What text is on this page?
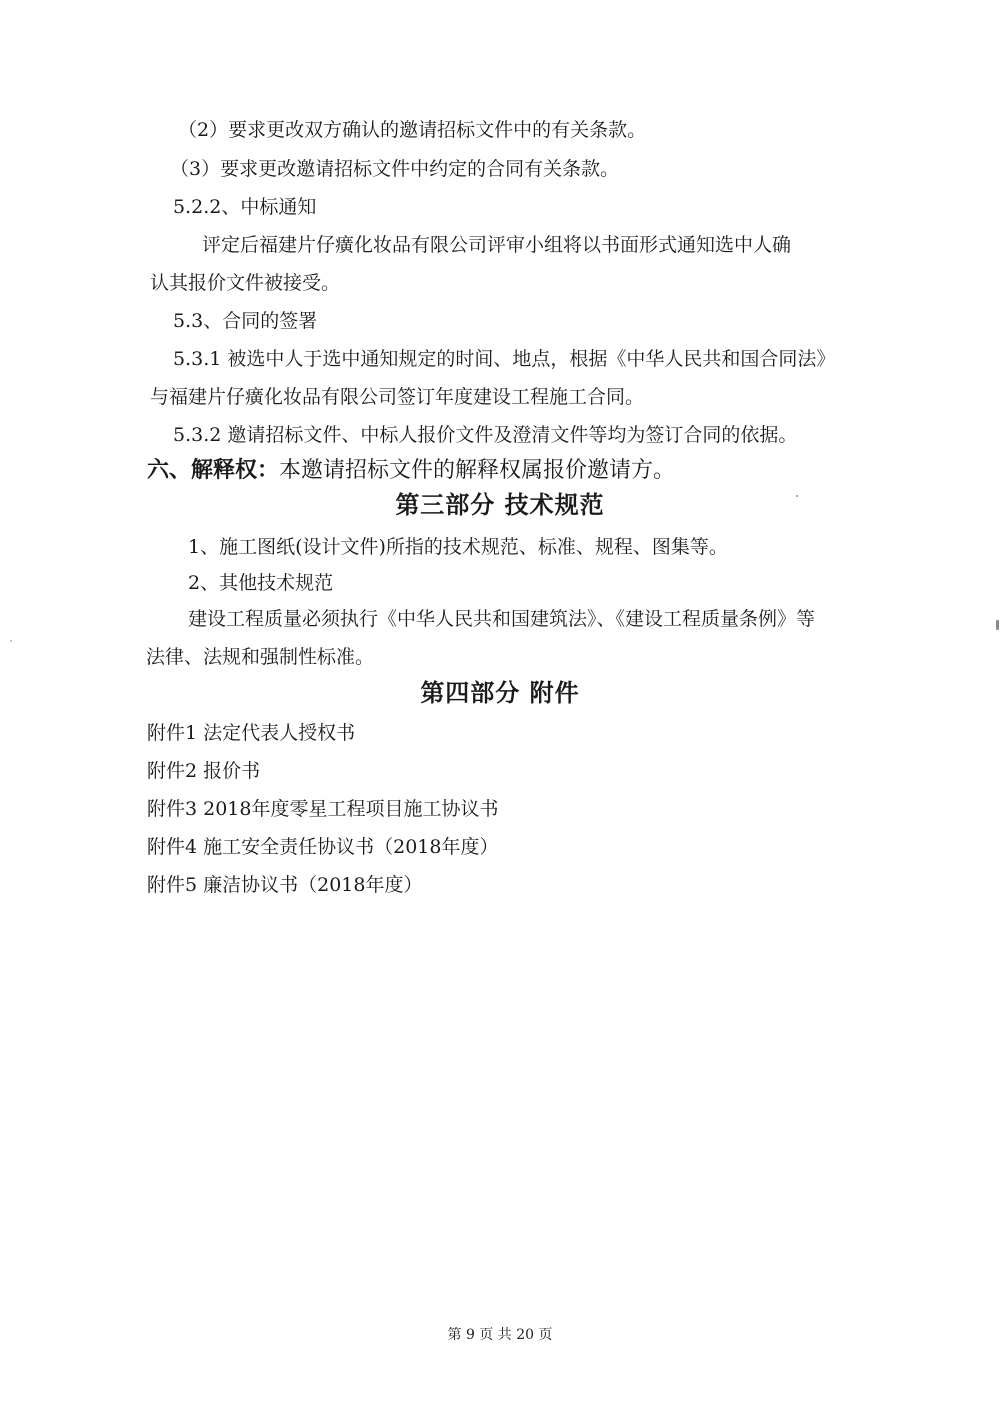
（2）要求更改双方确认的邀请招标文件中的有关条款。
（3）要求更改邀请招标文件中约定的合同有关条款。
5.2.2、中标通知
评定后福建片仔癀化妆品有限公司评审小组将以书面形式通知选中人确
认其报价文件被接受。
5.3、合同的签署
5.3.1 被选中人于选中通知规定的时间、地点，根据《中华人民共和国合同法》
与福建片仔癀化妆品有限公司签订年度建设工程施工合同。
5.3.2 邀请招标文件、中标人报价文件及澄清文件等均为签订合同的依据。
六、解释权：本邀请招标文件的解释权属报价邀请方。
第三部分 技术规范
1、施工图纸(设计文件)所指的技术规范、标准、规程、图集等。
2、其他技术规范
建设工程质量必须执行《中华人民共和国建筑法》、《建设工程质量条例》等
法律、法规和强制性标准。
第四部分 附件
附件1 法定代表人授权书
附件2 报价书
附件3 2018年度零星工程项目施工协议书
附件4 施工安全责任协议书（2018年度）
附件5 廉洁协议书（2018年度）
第 9 页 共 20 页
